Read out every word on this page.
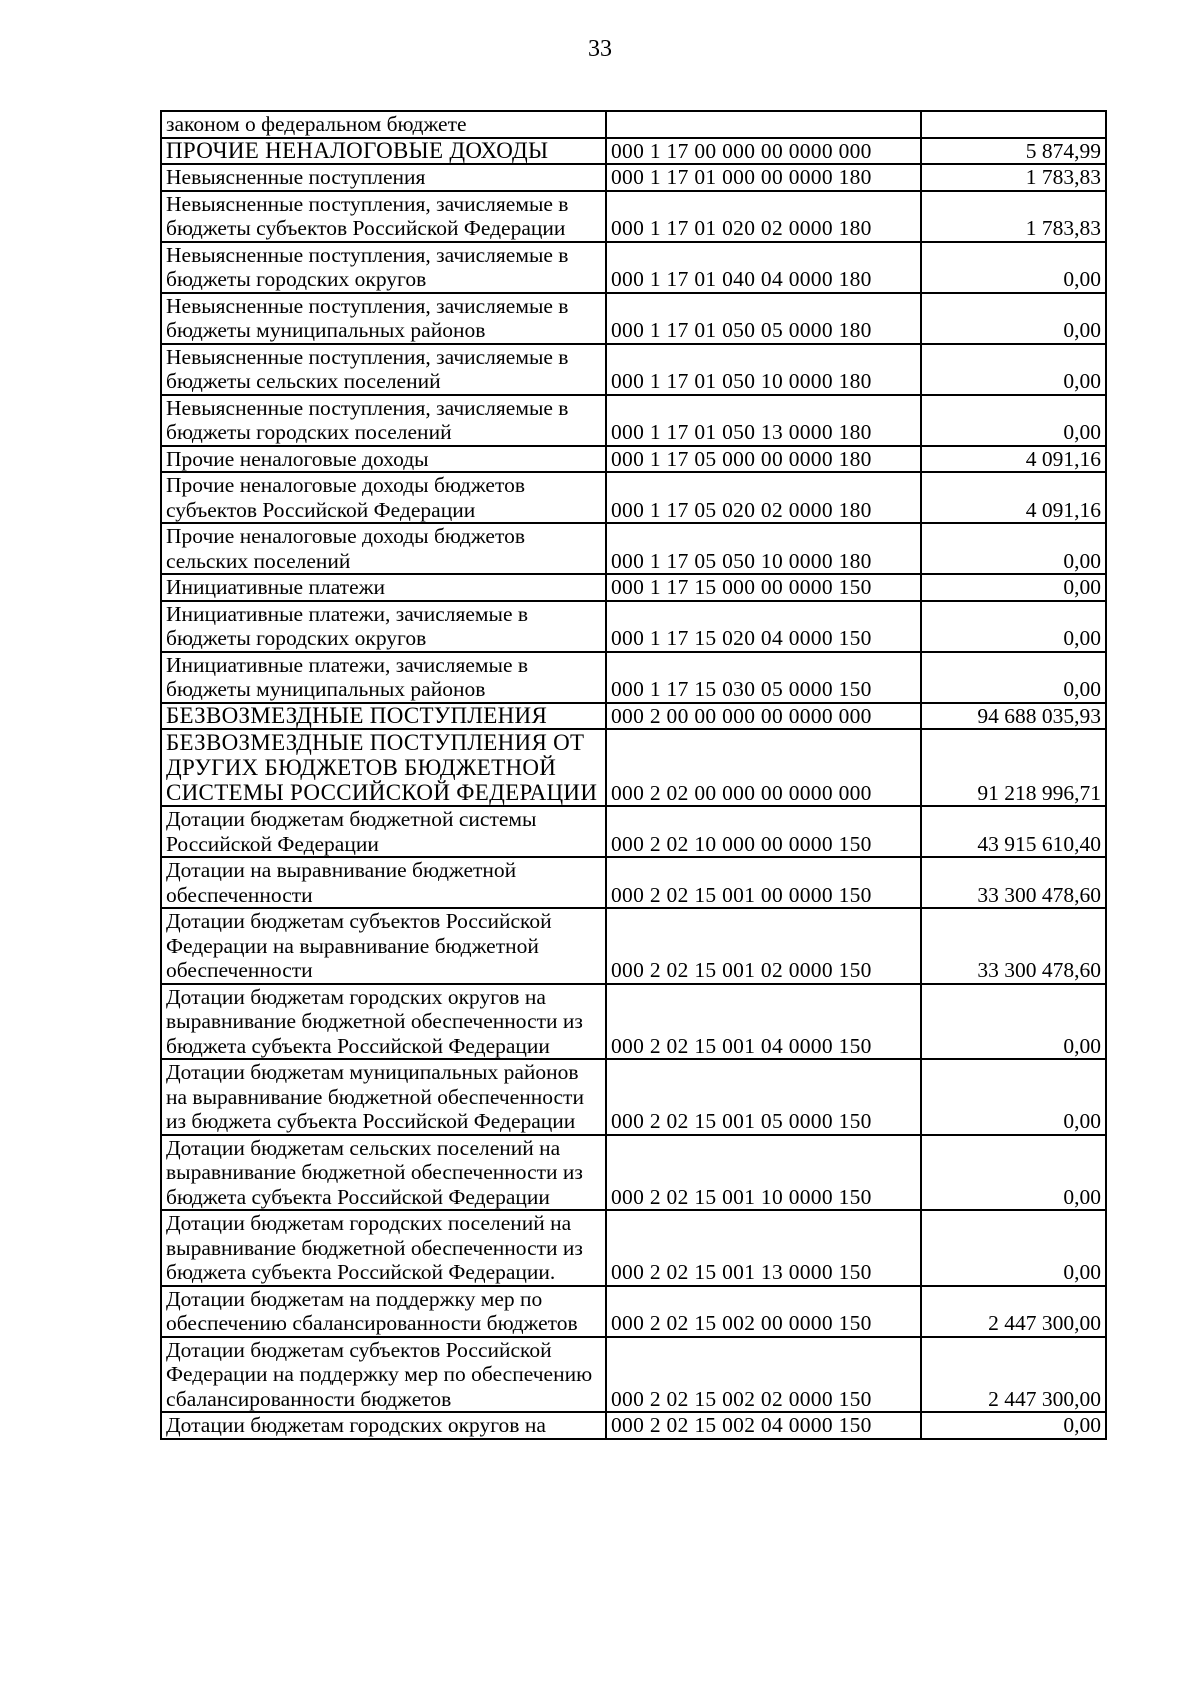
33
законом о федеральном бюджете		
ПРОЧИЕ НЕНАЛОГОВЫЕ ДОХОДЫ	000 1 17 00 000 00 0000 000	5 874,99
Невыясненные поступления	000 1 17 01 000 00 0000 180	1 783,83
Невыясненные поступления, зачисляемые в бюджеты субъектов Российской Федерации	000 1 17 01 020 02 0000 180	1 783,83
Невыясненные поступления, зачисляемые в бюджеты городских округов	000 1 17 01 040 04 0000 180	0,00
Невыясненные поступления, зачисляемые в бюджеты муниципальных районов	000 1 17 01 050 05 0000 180	0,00
Невыясненные поступления, зачисляемые в бюджеты сельских поселений	000 1 17 01 050 10 0000 180	0,00
Невыясненные поступления, зачисляемые в бюджеты городских поселений	000 1 17 01 050 13 0000 180	0,00
Прочие неналоговые доходы	000 1 17 05 000 00 0000 180	4 091,16
Прочие неналоговые доходы бюджетов субъектов Российской Федерации	000 1 17 05 020 02 0000 180	4 091,16
Прочие неналоговые доходы бюджетов сельских поселений	000 1 17 05 050 10 0000 180	0,00
Инициативные платежи	000 1 17 15 000 00 0000 150	0,00
Инициативные платежи, зачисляемые в бюджеты городских округов	000 1 17 15 020 04 0000 150	0,00
Инициативные платежи, зачисляемые в бюджеты муниципальных районов	000 1 17 15 030 05 0000 150	0,00
БЕЗВОЗМЕЗДНЫЕ ПОСТУПЛЕНИЯ	000 2 00 00 000 00 0000 000	94 688 035,93
БЕЗВОЗМЕЗДНЫЕ ПОСТУПЛЕНИЯ ОТ ДРУГИХ БЮДЖЕТОВ БЮДЖЕТНОЙ СИСТЕМЫ РОССИЙСКОЙ ФЕДЕРАЦИИ	000 2 02 00 000 00 0000 000	91 218 996,71
Дотации бюджетам бюджетной системы Российской Федерации	000 2 02 10 000 00 0000 150	43 915 610,40
Дотации на выравнивание бюджетной обеспеченности	000 2 02 15 001 00 0000 150	33 300 478,60
Дотации бюджетам субъектов Российской Федерации на выравнивание бюджетной обеспеченности	000 2 02 15 001 02 0000 150	33 300 478,60
Дотации бюджетам городских округов на выравнивание бюджетной обеспеченности из бюджета субъекта Российской Федерации	000 2 02 15 001 04 0000 150	0,00
Дотации бюджетам муниципальных районов на выравнивание бюджетной обеспеченности из бюджета субъекта Российской Федерации	000 2 02 15 001 05 0000 150	0,00
Дотации бюджетам сельских поселений на выравнивание бюджетной обеспеченности из бюджета субъекта Российской Федерации	000 2 02 15 001 10 0000 150	0,00
Дотации бюджетам городских поселений на выравнивание бюджетной обеспеченности из бюджета субъекта Российской Федерации.	000 2 02 15 001 13 0000 150	0,00
Дотации бюджетам на поддержку мер по обеспечению сбалансированности бюджетов	000 2 02 15 002 00 0000 150	2 447 300,00
Дотации бюджетам субъектов Российской Федерации на поддержку мер по обеспечению сбалансированности бюджетов	000 2 02 15 002 02 0000 150	2 447 300,00
Дотации бюджетам городских округов на	000 2 02 15 002 04 0000 150	0,00
